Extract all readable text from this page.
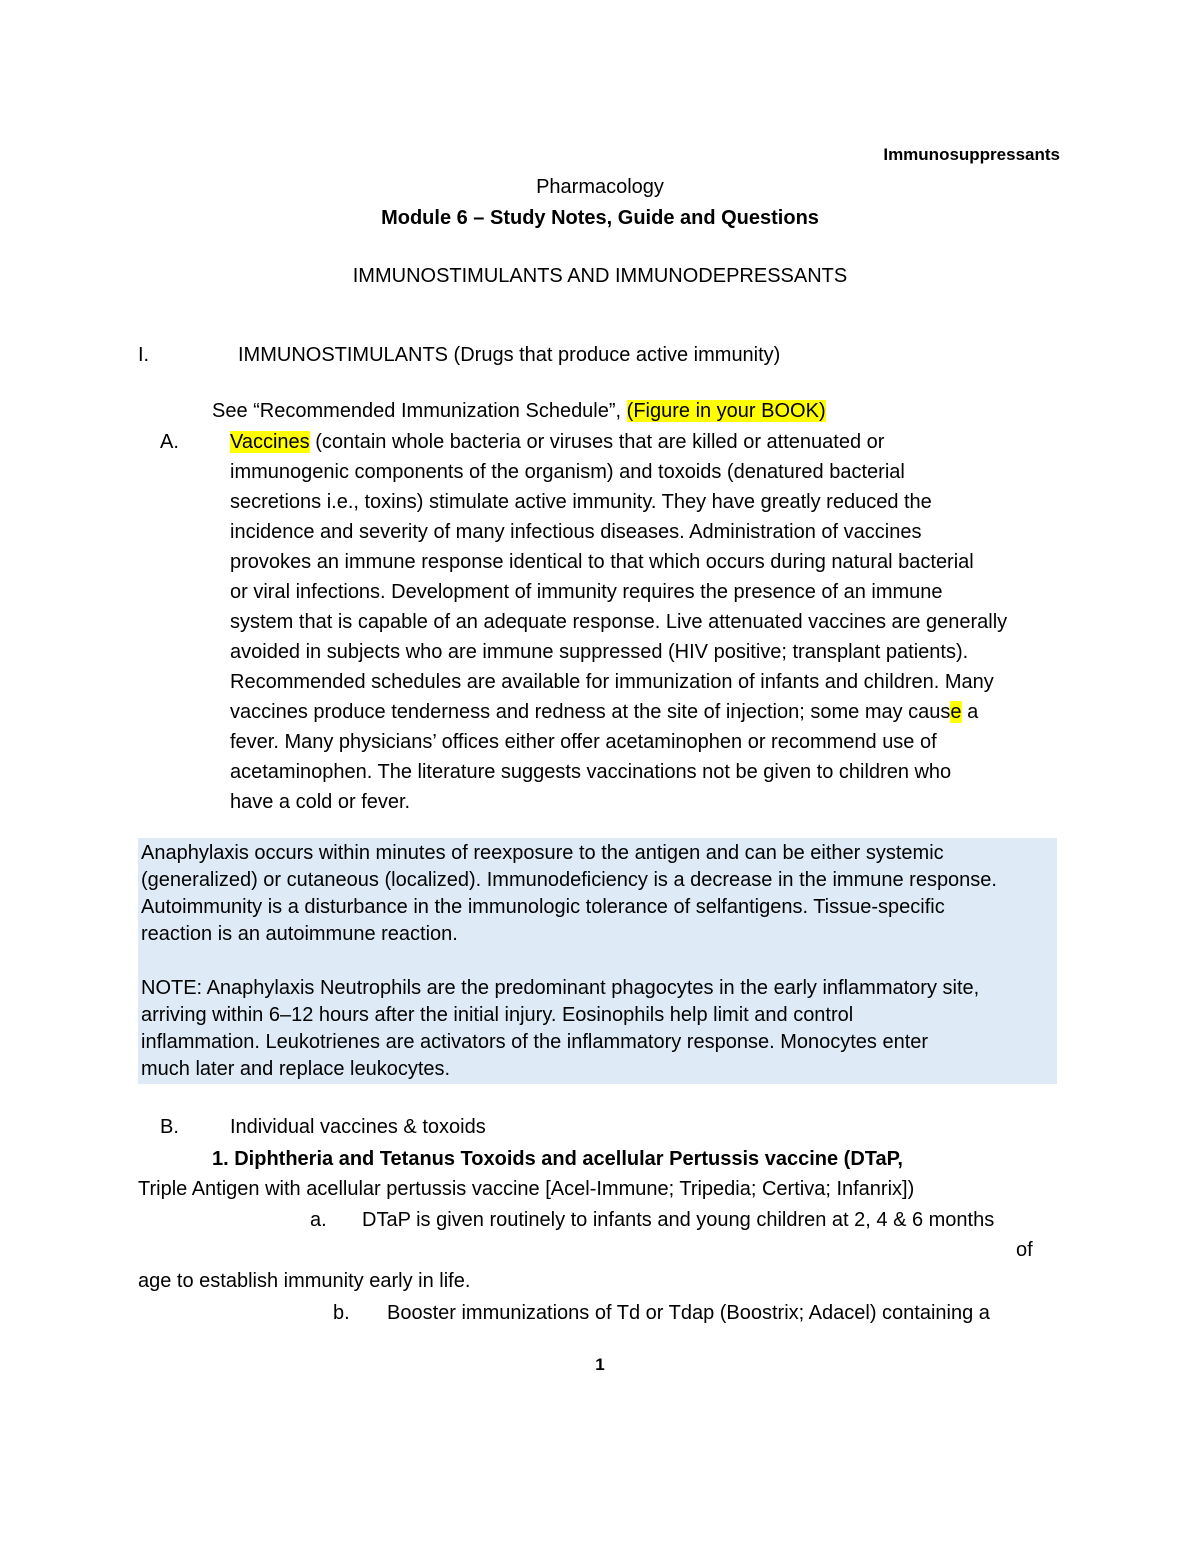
Immunosuppressants
Pharmacology
Module 6 – Study Notes, Guide and Questions
IMMUNOSTIMULANTS AND IMMUNODEPRESSANTS
I.	IMMUNOSTIMULANTS (Drugs that produce active immunity)
See “Recommended Immunization Schedule”, (Figure in your BOOK)
A.	Vaccines (contain whole bacteria or viruses that are killed or attenuated or
immunogenic components of the organism) and toxoids (denatured bacterial
secretions i.e., toxins) stimulate active immunity. They have greatly reduced the
incidence and severity of many infectious diseases. Administration of vaccines
provokes an immune response identical to that which occurs during natural bacterial
or viral infections. Development of immunity requires the presence of an immune
system that is capable of an adequate response. Live attenuated vaccines are generally
avoided in subjects who are immune suppressed (HIV positive; transplant patients).
Recommended schedules are available for immunization of infants and children. Many
vaccines produce tenderness and redness at the site of injection; some may cause a
fever. Many physicians’ offices either offer acetaminophen or recommend use of
acetaminophen. The literature suggests vaccinations not be given to children who
have a cold or fever.
Anaphylaxis occurs within minutes of reexposure to the antigen and can be either systemic
(generalized) or cutaneous (localized). Immunodeficiency is a decrease in the immune response.
Autoimmunity is a disturbance in the immunologic tolerance of selfantigens. Tissue-specific
reaction is an autoimmune reaction.
NOTE: Anaphylaxis Neutrophils are the predominant phagocytes in the early inflammatory site,
arriving within 6–12 hours after the initial injury. Eosinophils help limit and control
inflammation. Leukotrienes are activators of the inflammatory response. Monocytes enter
much later and replace leukocytes.
B.	Individual vaccines & toxoids
1. Diphtheria and Tetanus Toxoids and acellular Pertussis vaccine (DTaP,
Triple Antigen with acellular pertussis vaccine [Acel-Immune; Tripedia; Certiva; Infanrix])
a. DTaP is given routinely to infants and young children at 2, 4 & 6 months
of
age to establish immunity early in life.
b. Booster immunizations of Td or Tdap (Boostrix; Adacel) containing a
1
